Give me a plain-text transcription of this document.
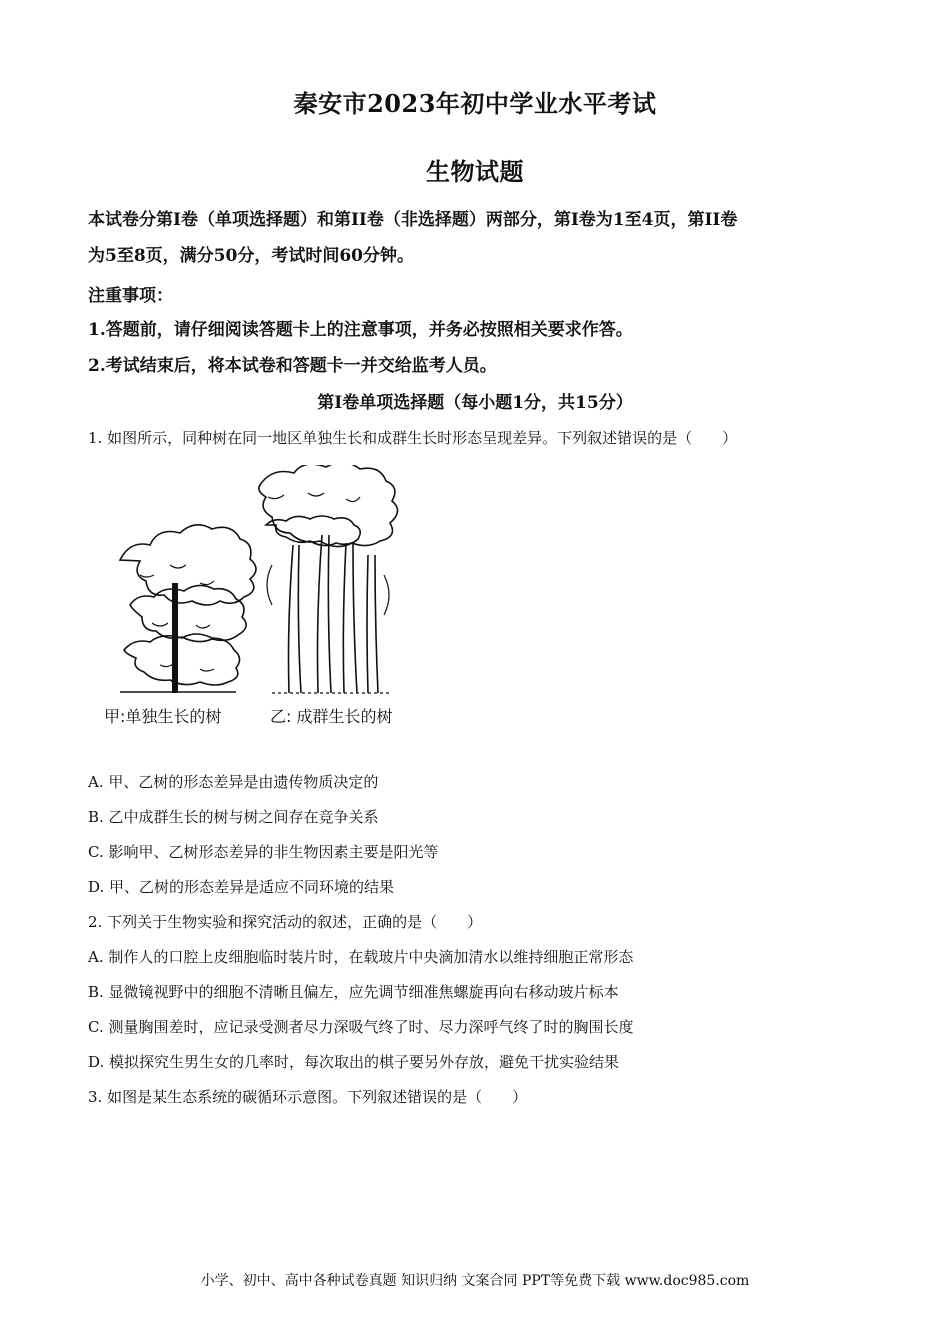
秦安市2023年初中学业水平考试
生物试题
本试卷分第I卷（单项选择题）和第II卷（非选择题）两部分，第I卷为1至4页，第II卷
为5至8页，满分50分，考试时间60分钟。
注重事项：
1.答题前，请仔细阅读答题卡上的注意事项，并务必按照相关要求作答。
2.考试结束后，将本试卷和答题卡一并交给监考人员。
第I卷单项选择题（每小题1分，共15分）
1. 如图所示，同种树在同一地区单独生长和成群生长时形态呈现差异。下列叙述错误的是（　　）
甲:单独生长的树	乙: 成群生长的树
A. 甲、乙树的形态差异是由遗传物质决定的
B. 乙中成群生长的树与树之间存在竞争关系
C. 影响甲、乙树形态差异的非生物因素主要是阳光等
D. 甲、乙树的形态差异是适应不同环境的结果
2. 下列关于生物实验和探究活动的叙述，正确的是（　　）
A. 制作人的口腔上皮细胞临时装片时，在载玻片中央滴加清水以维持细胞正常形态
B. 显微镜视野中的细胞不清晰且偏左，应先调节细准焦螺旋再向右移动玻片标本
C. 测量胸围差时，应记录受测者尽力深吸气终了时、尽力深呼气终了时的胸围长度
D. 模拟探究生男生女的几率时，每次取出的棋子要另外存放，避免干扰实验结果
3. 如图是某生态系统的碳循环示意图。下列叙述错误的是（　　）
小学、初中、高中各种试卷真题 知识归纳 文案合同 PPT等免费下载 www.doc985.com
